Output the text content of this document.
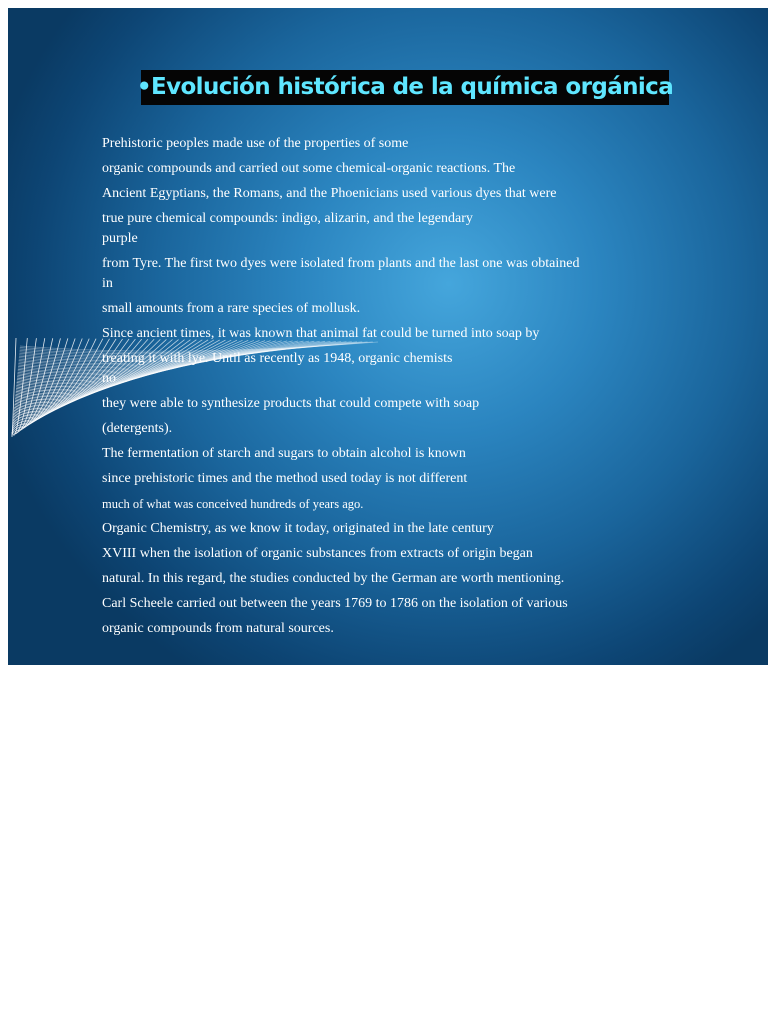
•Evolución histórica de la química orgánica
Prehistoric peoples made use of the properties of some
organic compounds and carried out some chemical-organic reactions. The
Ancient Egyptians, the Romans, and the Phoenicians used various dyes that were
true pure chemical compounds: indigo, alizarin, and the legendary
purple
from Tyre. The first two dyes were isolated from plants and the last one was obtained
in
small amounts from a rare species of mollusk.
Since ancient times, it was known that animal fat could be turned into soap by
treating it with lye. Until as recently as 1948, organic chemists
no
they were able to synthesize products that could compete with soap
(detergents).
The fermentation of starch and sugars to obtain alcohol is known
since prehistoric times and the method used today is not different
much of what was conceived hundreds of years ago.
Organic Chemistry, as we know it today, originated in the late century
XVIII when the isolation of organic substances from extracts of origin began
natural. In this regard, the studies conducted by the German are worth mentioning.
Carl Scheele carried out between the years 1769 to 1786 on the isolation of various
organic compounds from natural sources.
